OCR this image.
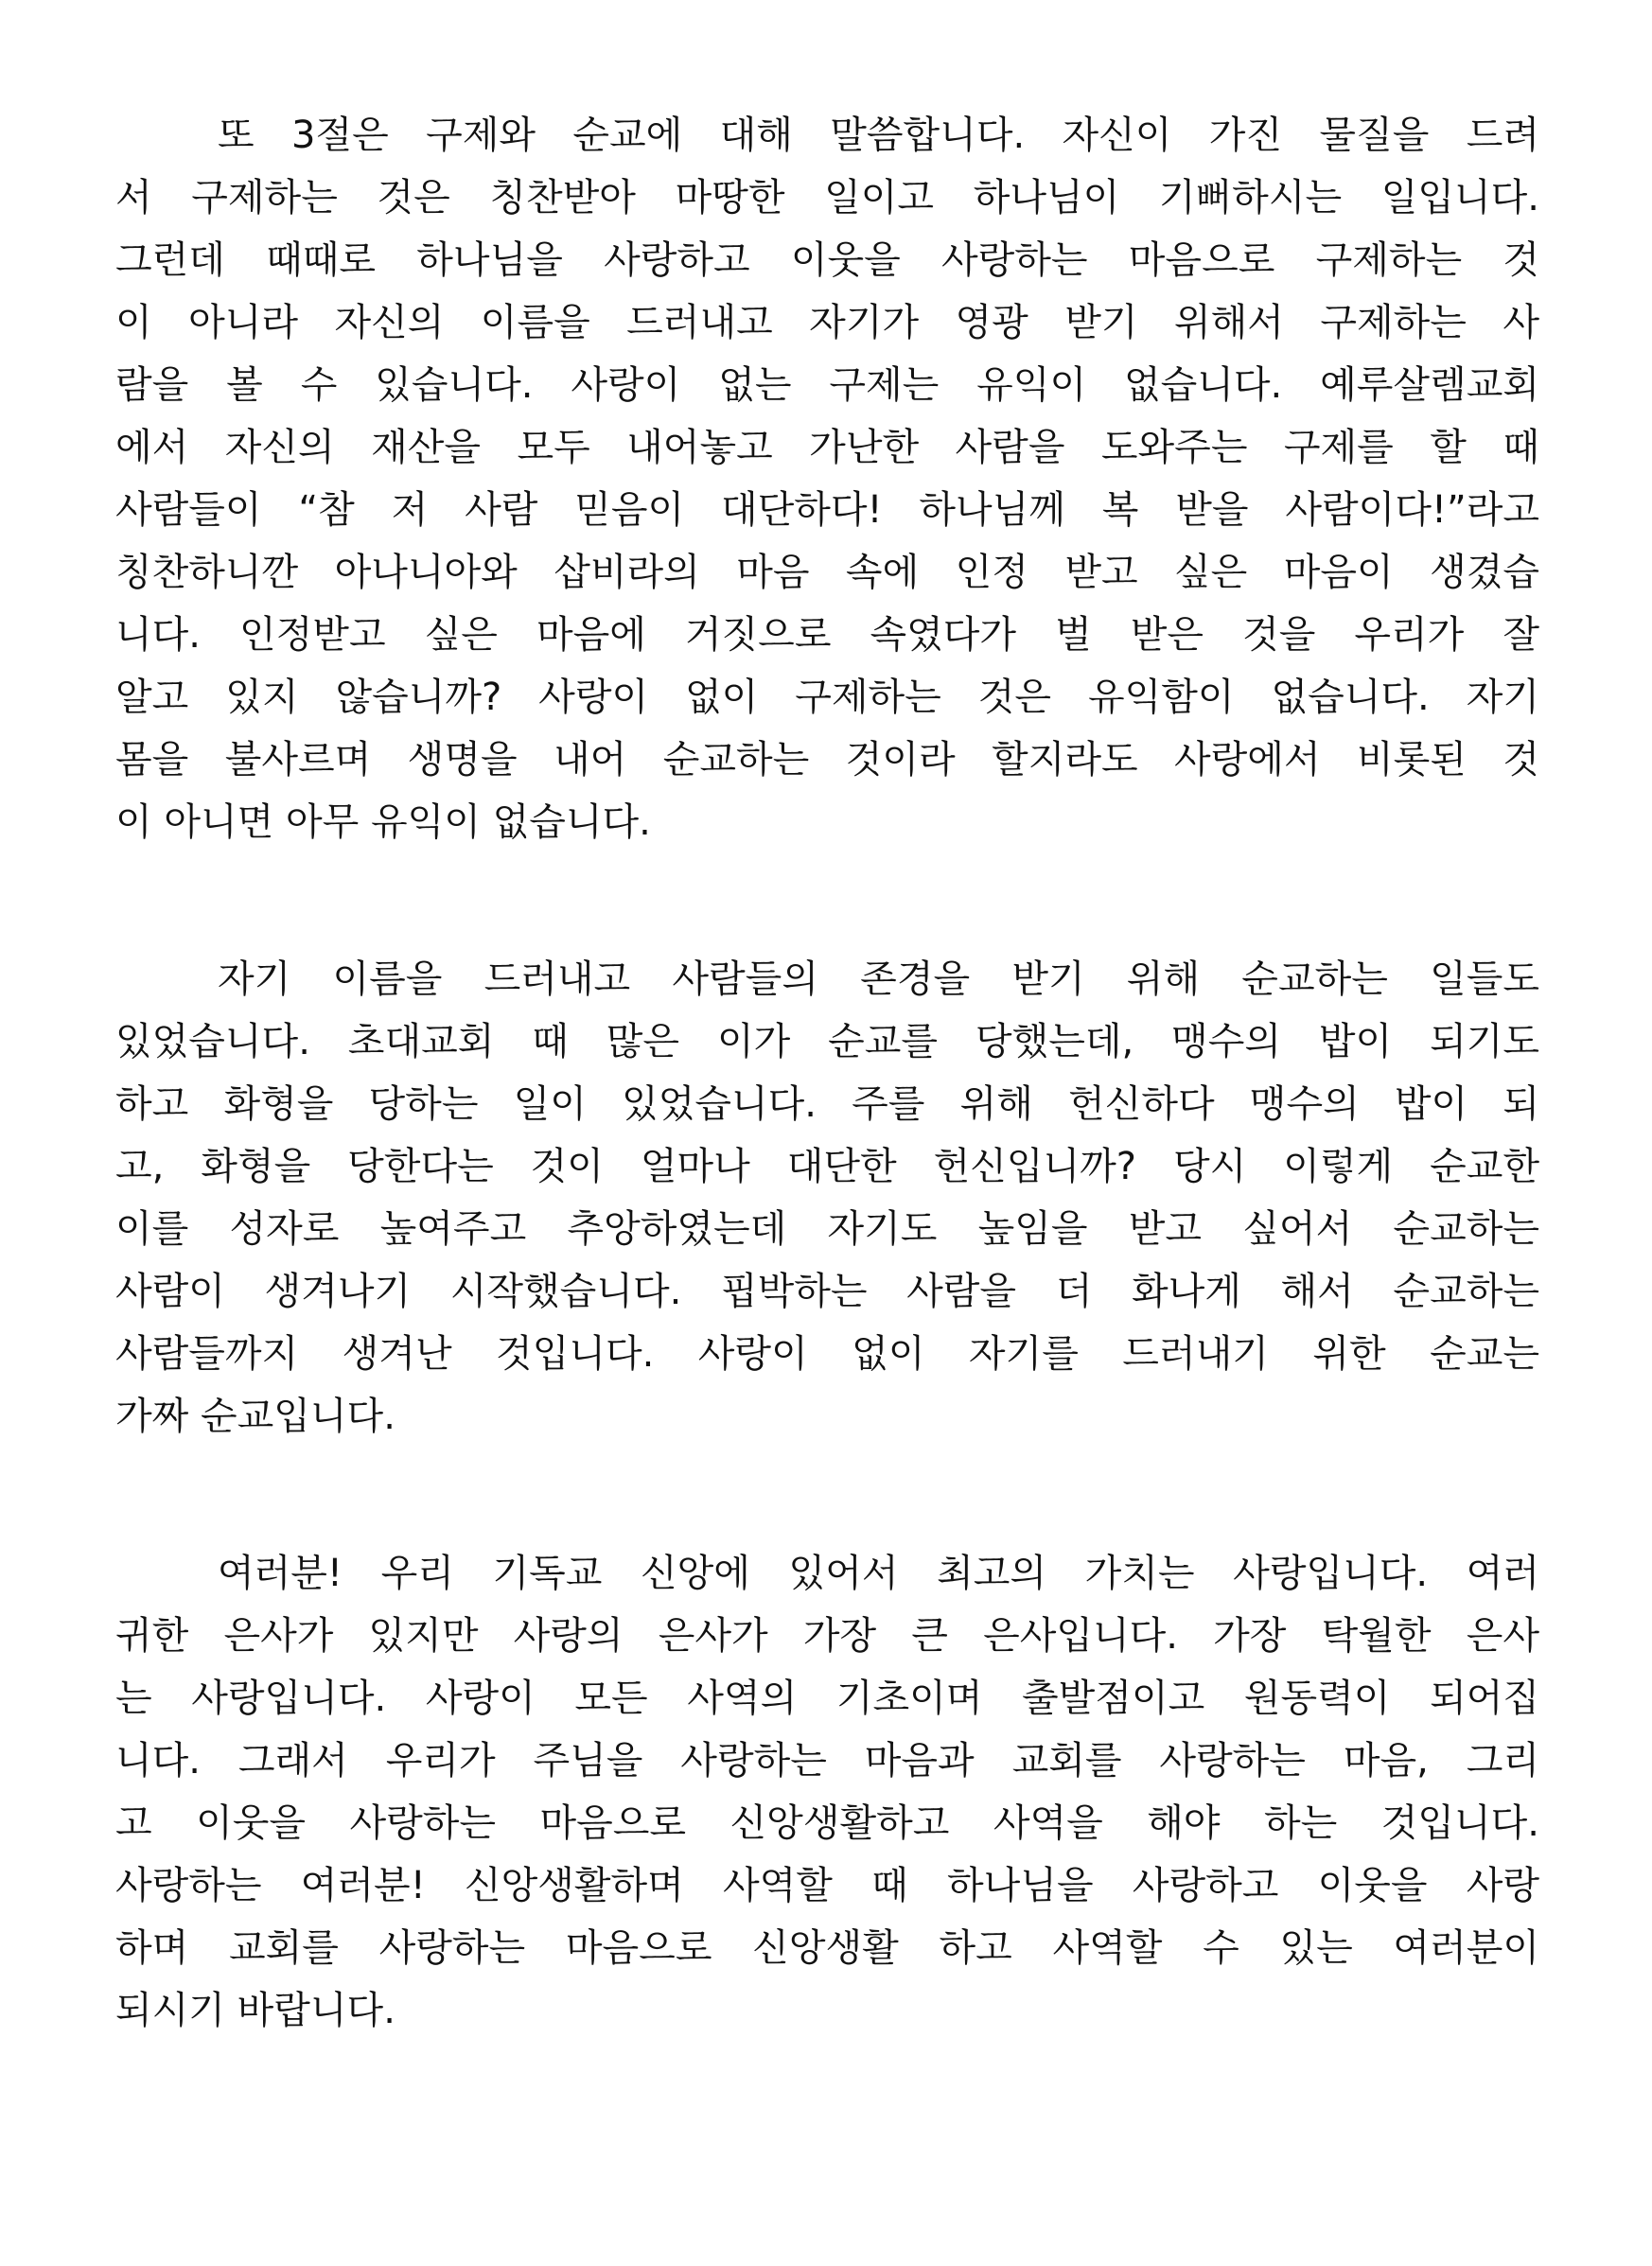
또 3절은 구제와 순교에 대해 말씀합니다. 자신이 가진 물질을 드려
서 구제하는 것은 칭찬받아 마땅한 일이고 하나님이 기뻐하시는 일입니다.
그런데 때때로 하나님을 사랑하고 이웃을 사랑하는 마음으로 구제하는 것
이 아니라 자신의 이름을 드러내고 자기가 영광 받기 위해서 구제하는 사
람을 볼 수 있습니다. 사랑이 없는 구제는 유익이 없습니다. 예루살렘교회
에서 자신의 재산을 모두 내어놓고 가난한 사람을 도와주는 구제를 할 때
사람들이 “참 저 사람 믿음이 대단하다! 하나님께 복 받을 사람이다!”라고
칭찬하니깐 아나니아와 삽비라의 마음 속에 인정 받고 싶은 마음이 생겼습
니다. 인정받고 싶은 마음에 거짓으로 속였다가 벌 받은 것을 우리가 잘
알고 있지 않습니까? 사랑이 없이 구제하는 것은 유익함이 없습니다. 자기
몸을 불사르며 생명을 내어 순교하는 것이라 할지라도 사랑에서 비롯된 것
이 아니면 아무 유익이 없습니다.
자기 이름을 드러내고 사람들의 존경을 받기 위해 순교하는 일들도
있었습니다. 초대교회 때 많은 이가 순교를 당했는데, 맹수의 밥이 되기도
하고 화형을 당하는 일이 있었습니다. 주를 위해 헌신하다 맹수의 밥이 되
고, 화형을 당한다는 것이 얼마나 대단한 헌신입니까? 당시 이렇게 순교한
이를 성자로 높여주고 추앙하였는데 자기도 높임을 받고 싶어서 순교하는
사람이 생겨나기 시작했습니다. 핍박하는 사람을 더 화나게 해서 순교하는
사람들까지 생겨난 것입니다. 사랑이 없이 자기를 드러내기 위한 순교는
가짜 순교입니다.
여러분! 우리 기독교 신앙에 있어서 최고의 가치는 사랑입니다. 여러
귀한 은사가 있지만 사랑의 은사가 가장 큰 은사입니다. 가장 탁월한 은사
는 사랑입니다. 사랑이 모든 사역의 기초이며 출발점이고 원동력이 되어집
니다. 그래서 우리가 주님을 사랑하는 마음과 교회를 사랑하는 마음, 그리
고 이웃을 사랑하는 마음으로 신앙생활하고 사역을 해야 하는 것입니다.
사랑하는 여러분! 신앙생활하며 사역할 때 하나님을 사랑하고 이웃을 사랑
하며 교회를 사랑하는 마음으로 신앙생활 하고 사역할 수 있는 여러분이
되시기 바랍니다.
